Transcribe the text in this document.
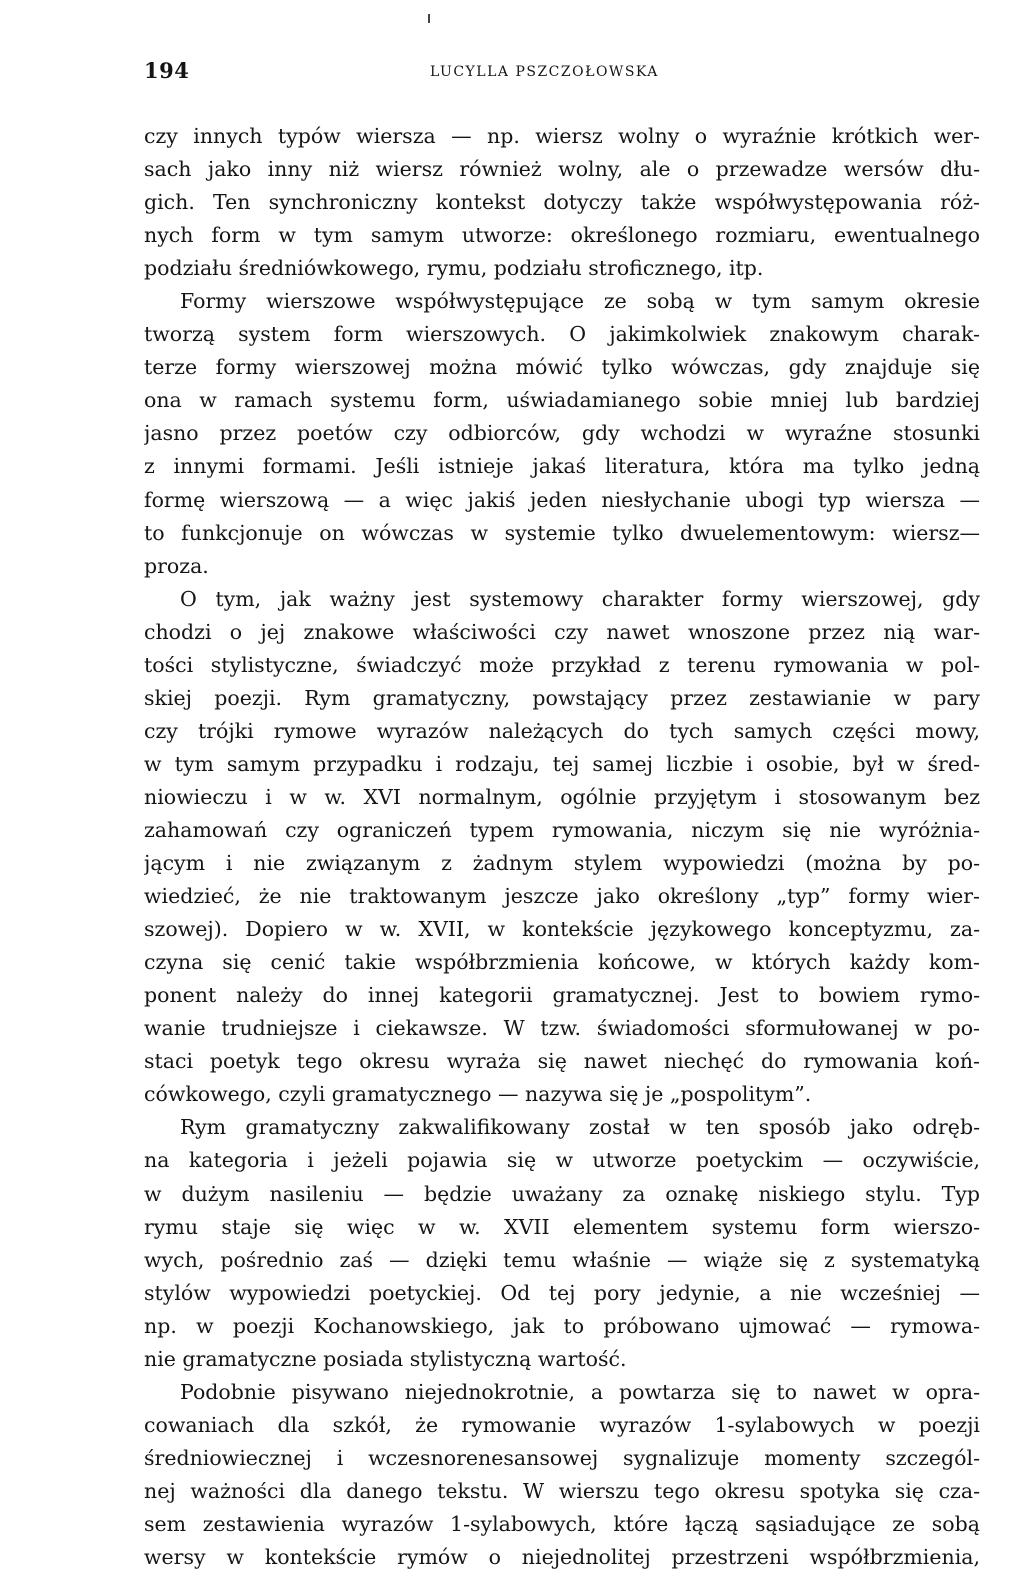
194	LUCYLLA PSZCZOŁOWSKA
czy innych typów wiersza — np. wiersz wolny o wyraźnie krótkich wer-
sach jako inny niż wiersz również wolny, ale o przewadze wersów dłu-
gich. Ten synchroniczny kontekst dotyczy także współwystępowania róż-
nych form w tym samym utworze: określonego rozmiaru, ewentualnego
podziału średniówkowego, rymu, podziału stroficznego, itp.
Formy wierszowe współwystępujące ze sobą w tym samym okresie
tworzą system form wierszowych. O jakimkolwiek znakowym charak-
terze formy wierszowej można mówić tylko wówczas, gdy znajduje się
ona w ramach systemu form, uświadamianego sobie mniej lub bardziej
jasno przez poetów czy odbiorców, gdy wchodzi w wyraźne stosunki
z innymi formami. Jeśli istnieje jakaś literatura, która ma tylko jedną
formę wierszową — a więc jakiś jeden niesłychanie ubogi typ wiersza —
to funkcjonuje on wówczas w systemie tylko dwuelementowym: wiersz—
proza.
O tym, jak ważny jest systemowy charakter formy wierszowej, gdy
chodzi o jej znakowe właściwości czy nawet wnoszone przez nią war-
tości stylistyczne, świadczyć może przykład z terenu rymowania w pol-
skiej poezji. Rym gramatyczny, powstający przez zestawianie w pary
czy trójki rymowe wyrazów należących do tych samych części mowy,
w tym samym przypadku i rodzaju, tej samej liczbie i osobie, był w śred-
niowieczu i w w. XVI normalnym, ogólnie przyjętym i stosowanym bez
zahamowań czy ograniczeń typem rymowania, niczym się nie wyróżnia-
jącym i nie związanym z żadnym stylem wypowiedzi (można by po-
wiedzieć, że nie traktowanym jeszcze jako określony „typ” formy wier-
szowej). Dopiero w w. XVII, w kontekście językowego konceptyzmu, za-
czyna się cenić takie współbrzmienia końcowe, w których każdy kom-
ponent należy do innej kategorii gramatycznej. Jest to bowiem rymo-
wanie trudniejsze i ciekawsze. W tzw. świadomości sformułowanej w po-
staci poetyk tego okresu wyraża się nawet niechęć do rymowania koń-
cówkowego, czyli gramatycznego — nazywa się je „pospolitym”.
Rym gramatyczny zakwalifikowany został w ten sposób jako odręb-
na kategoria i jeżeli pojawia się w utworze poetyckim — oczywiście,
w dużym nasileniu — będzie uważany za oznakę niskiego stylu. Typ
rymu staje się więc w w. XVII elementem systemu form wierszo-
wych, pośrednio zaś — dzięki temu właśnie — wiąże się z systematyką
stylów wypowiedzi poetyckiej. Od tej pory jedynie, a nie wcześniej —
np. w poezji Kochanowskiego, jak to próbowano ujmować — rymowa-
nie gramatyczne posiada stylistyczną wartość.
Podobnie pisywano niejednokrotnie, a powtarza się to nawet w opra-
cowaniach dla szkół, że rymowanie wyrazów 1-sylabowych w poezji
średniowiecznej i wczesnorenesansowej sygnalizuje momenty szczegól-
nej ważności dla danego tekstu. W wierszu tego okresu spotyka się cza-
sem zestawienia wyrazów 1-sylabowych, które łączą sąsiadujące ze sobą
wersy w kontekście rymów o niejednolitej przestrzeni współbrzmienia,
